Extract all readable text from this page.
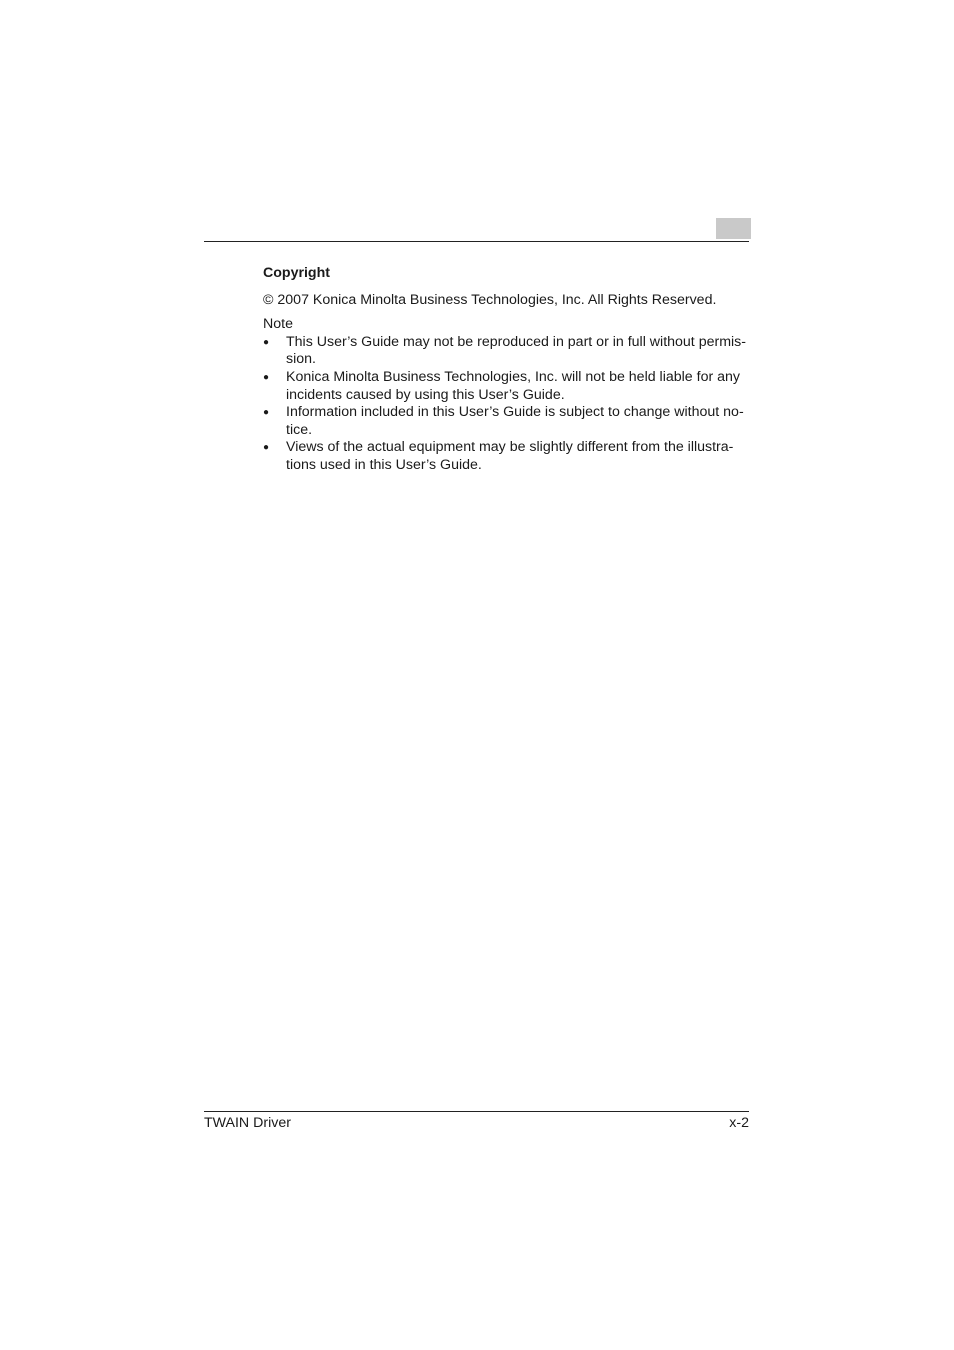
Copyright
© 2007 Konica Minolta Business Technologies, Inc. All Rights Reserved.
Note
● This User’s Guide may not be reproduced in part or in full without permis-sion.
● Konica Minolta Business Technologies, Inc. will not be held liable for any incidents caused by using this User’s Guide.
● Information included in this User’s Guide is subject to change without no-tice.
● Views of the actual equipment may be slightly different from the illustra-tions used in this User’s Guide.
TWAIN Driver	x-2
